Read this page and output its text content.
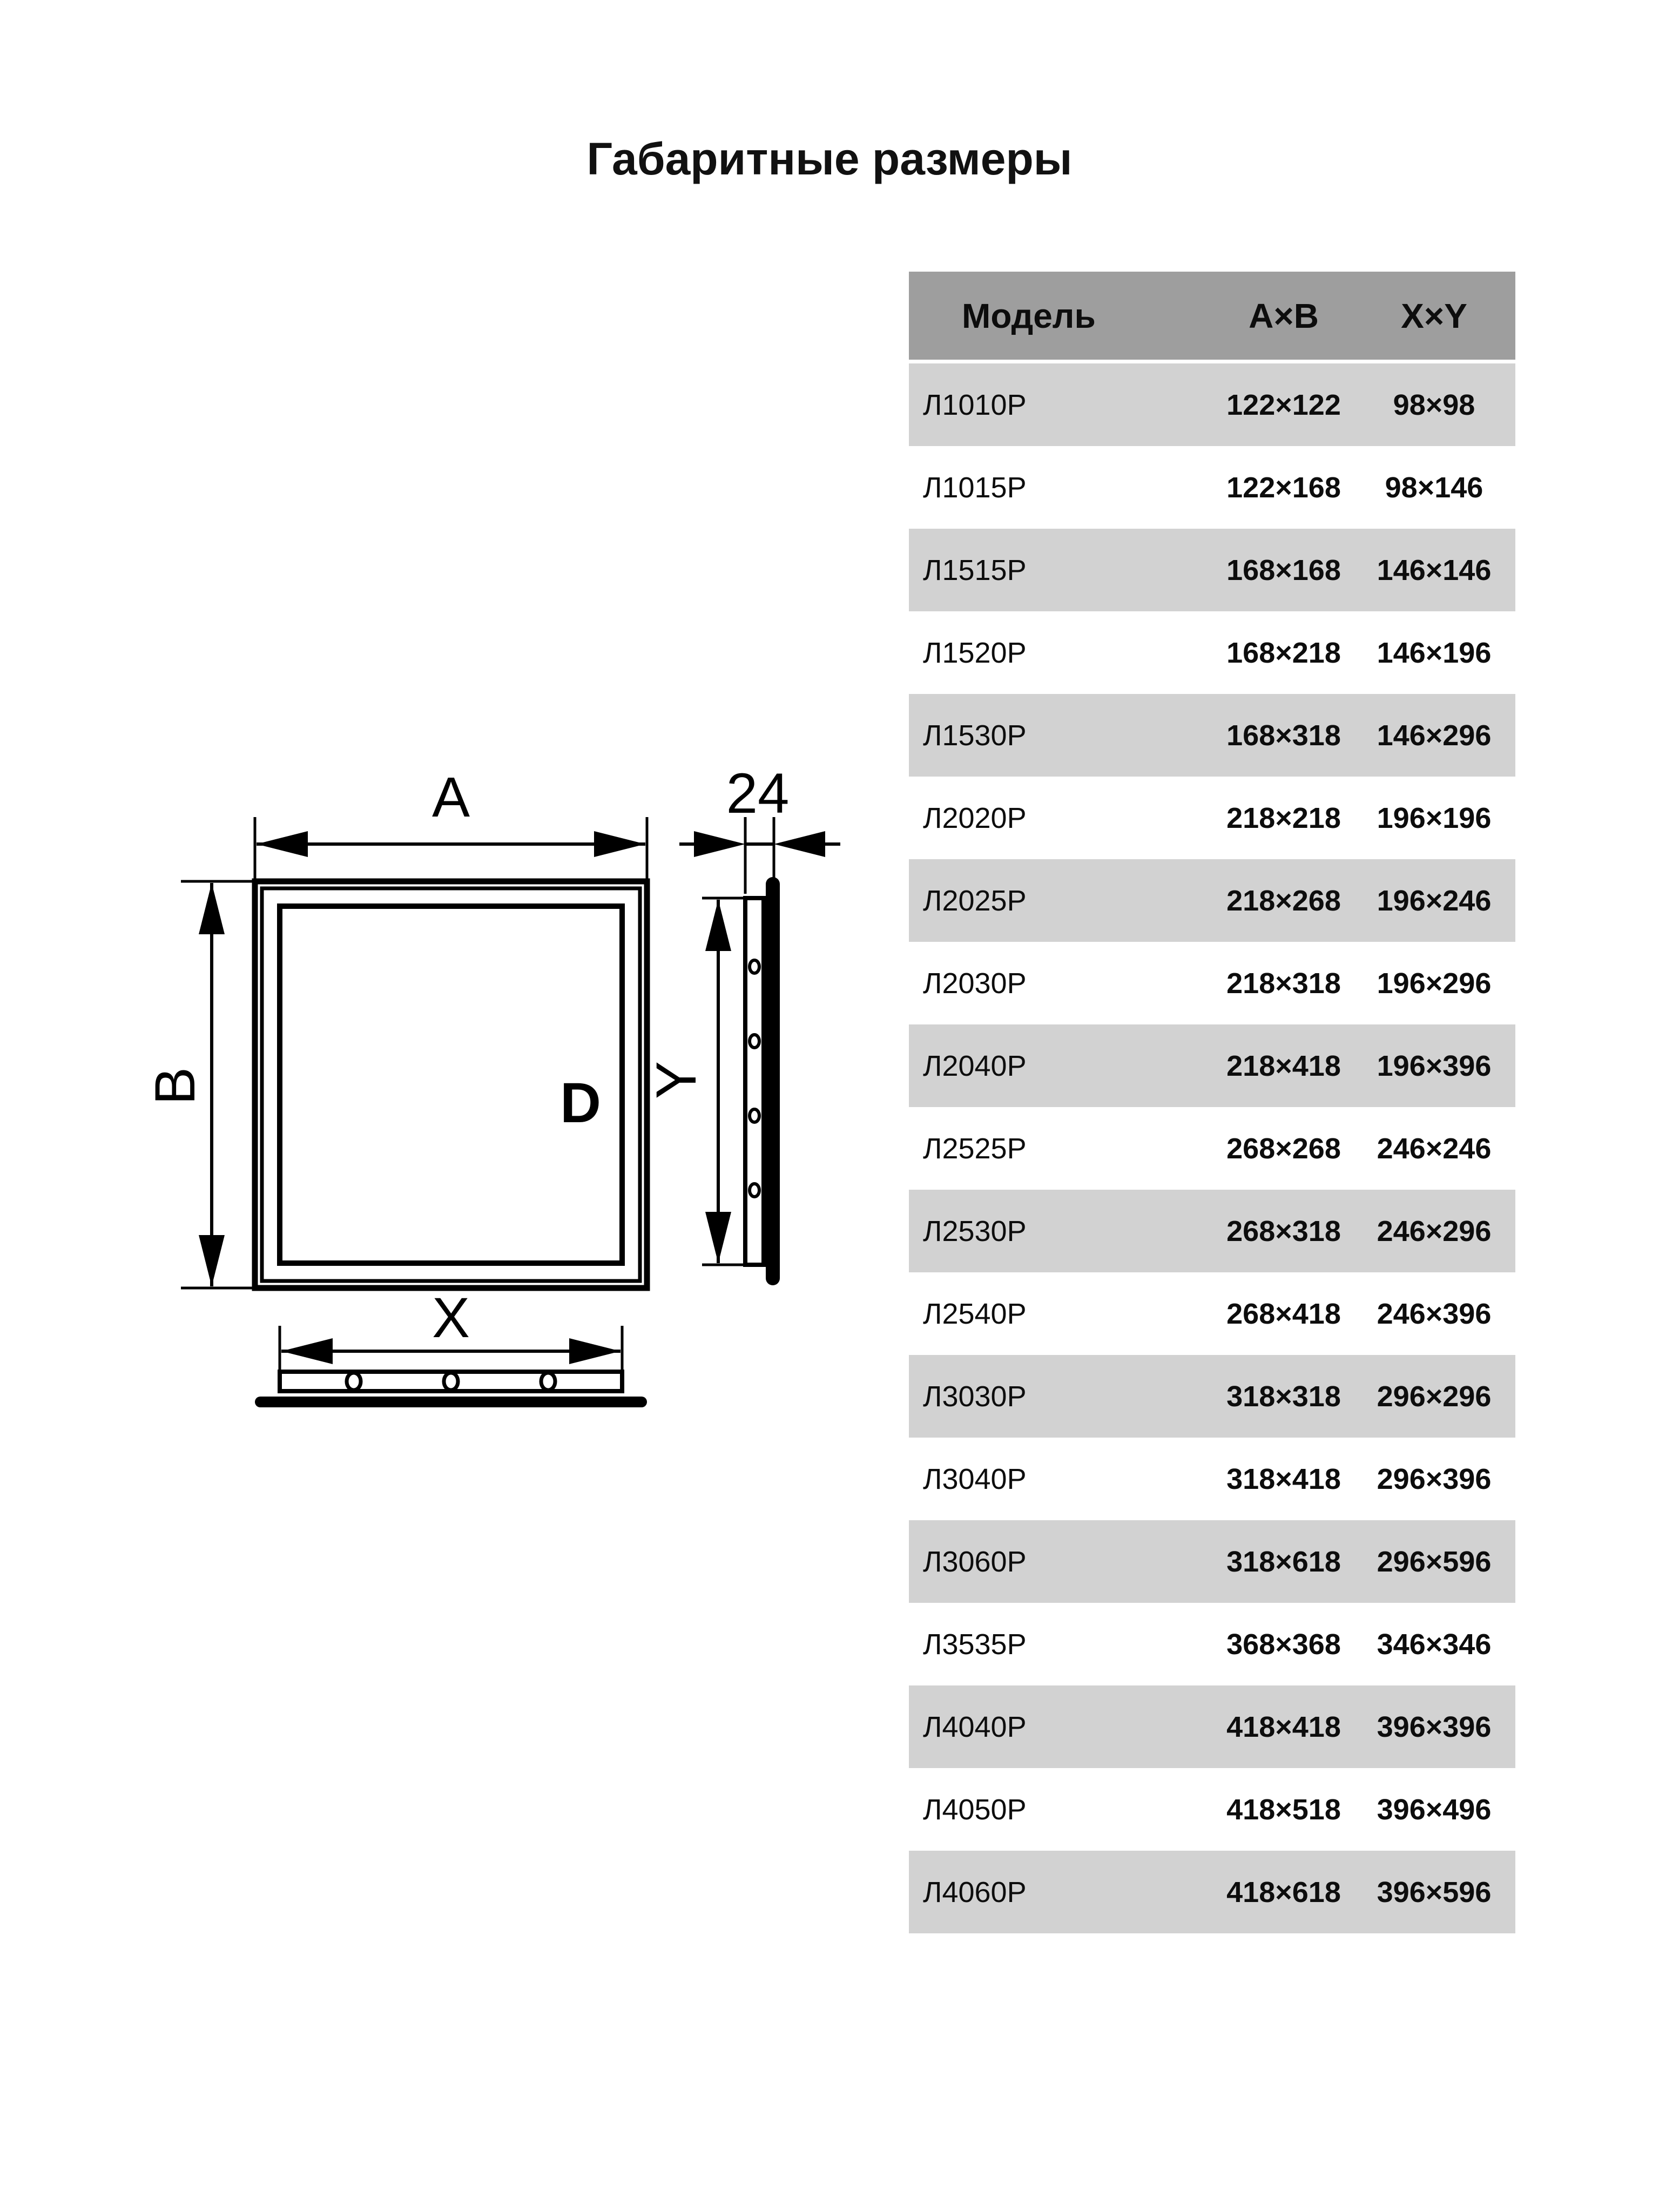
Габаритные размеры
D
A
B
X
24
Y
Модель	A×B	X×Y
Л1010Р	122×122	98×98
Л1015Р	122×168	98×146
Л1515Р	168×168	146×146
Л1520Р	168×218	146×196
Л1530Р	168×318	146×296
Л2020Р	218×218	196×196
Л2025Р	218×268	196×246
Л2030Р	218×318	196×296
Л2040Р	218×418	196×396
Л2525Р	268×268	246×246
Л2530Р	268×318	246×296
Л2540Р	268×418	246×396
Л3030Р	318×318	296×296
Л3040Р	318×418	296×396
Л3060Р	318×618	296×596
Л3535Р	368×368	346×346
Л4040Р	418×418	396×396
Л4050Р	418×518	396×496
Л4060Р	418×618	396×596
